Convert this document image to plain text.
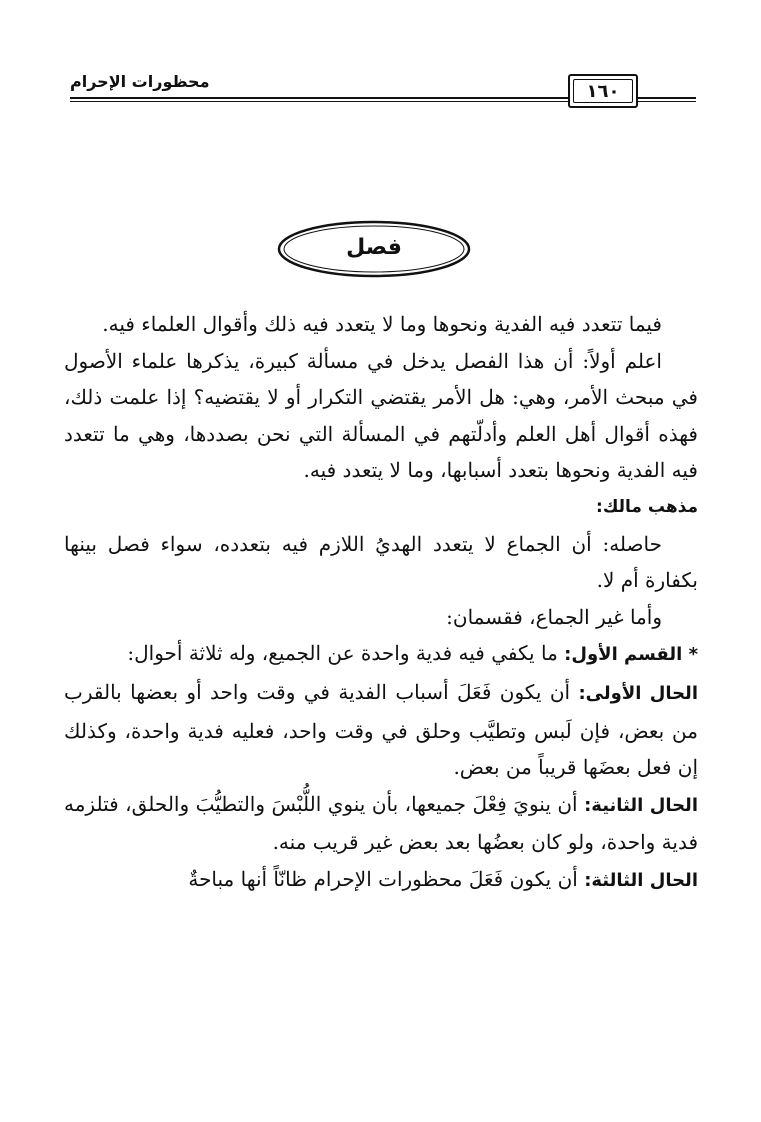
محظورات الإحرام	١٦٠
فصل

فيما تتعدد فيه الفدية ونحوها وما لا يتعدد فيه ذلك وأقوال العلماء فيه.

اعلم أولاً: أن هذا الفصل يدخل في مسألة كبيرة، يذكرها علماء الأصول في مبحث الأمر، وهي: هل الأمر يقتضي التكرار أو لا يقتضيه؟ إذا علمت ذلك، فهذه أقوال أهل العلم وأدلّتهم في المسألة التي نحن بصددها، وهي ما تتعدد فيه الفدية ونحوها بتعدد أسبابها، وما لا يتعدد فيه.

مذهب مالك:

حاصله: أن الجماع لا يتعدد الهديُ اللازم فيه بتعدده، سواء فصل بينها بكفارة أم لا.

وأما غير الجماع، فقسمان:

* القسم الأول: ما يكفي فيه فدية واحدة عن الجميع، وله ثلاثة أحوال:

الحال الأولى: أن يكون فَعَلَ أسباب الفدية في وقت واحد أو بعضها بالقرب من بعض، فإن لَبس وتطيَّب وحلق في وقت واحد، فعليه فدية واحدة، وكذلك إن فعل بعضَها قريباً من بعض.

الحال الثانية: أن ينويَ فِعْلَ جميعها، بأن ينوي اللُّبْسَ والتطيُّبَ والحلق، فتلزمه فدية واحدة، ولو كان بعضُها بعد بعض غير قريب منه.

الحال الثالثة: أن يكون فَعَلَ محظورات الإحرام ظانّاً أنها مباحةٌ
